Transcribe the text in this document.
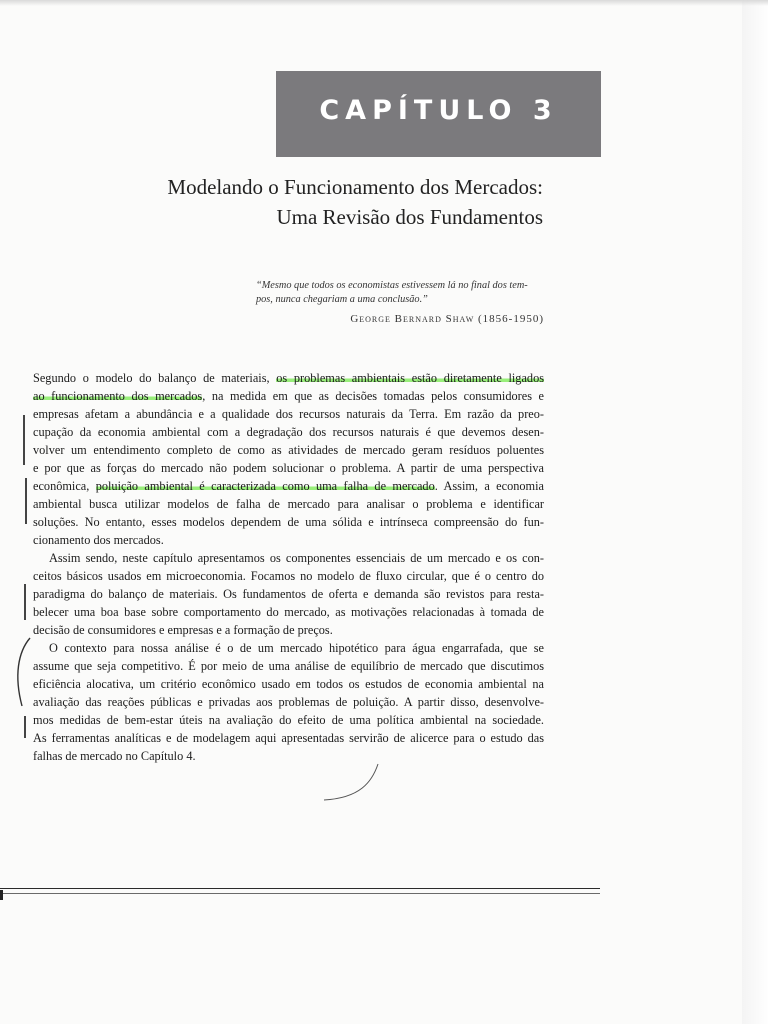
CAPÍTULO 3
Modelando o Funcionamento dos Mercados:
Uma Revisão dos Fundamentos
“Mesmo que todos os economistas estivessem lá no final dos tem-
pos, nunca chegariam a uma conclusão.”
George Bernard Shaw (1856-1950)
Segundo o modelo do balanço de materiais, os problemas ambientais estão diretamente ligados
ao funcionamento dos mercados, na medida em que as decisões tomadas pelos consumidores e
empresas afetam a abundância e a qualidade dos recursos naturais da Terra. Em razão da preo-
cupação da economia ambiental com a degradação dos recursos naturais é que devemos desen-
volver um entendimento completo de como as atividades de mercado geram resíduos poluentes
e por que as forças do mercado não podem solucionar o problema. A partir de uma perspectiva
econômica, poluição ambiental é caracterizada como uma falha de mercado. Assim, a economia
ambiental busca utilizar modelos de falha de mercado para analisar o problema e identificar
soluções. No entanto, esses modelos dependem de uma sólida e intrínseca compreensão do fun-
cionamento dos mercados.
Assim sendo, neste capítulo apresentamos os componentes essenciais de um mercado e os con-
ceitos básicos usados em microeconomia. Focamos no modelo de fluxo circular, que é o centro do
paradigma do balanço de materiais. Os fundamentos de oferta e demanda são revistos para resta-
belecer uma boa base sobre comportamento do mercado, as motivações relacionadas à tomada de
decisão de consumidores e empresas e a formação de preços.
O contexto para nossa análise é o de um mercado hipotético para água engarrafada, que se
assume que seja competitivo. É por meio de uma análise de equilíbrio de mercado que discutimos
eficiência alocativa, um critério econômico usado em todos os estudos de economia ambiental na
avaliação das reações públicas e privadas aos problemas de poluição. A partir disso, desenvolve-
mos medidas de bem-estar úteis na avaliação do efeito de uma política ambiental na sociedade.
As ferramentas analíticas e de modelagem aqui apresentadas servirão de alicerce para o estudo das
falhas de mercado no Capítulo 4.
